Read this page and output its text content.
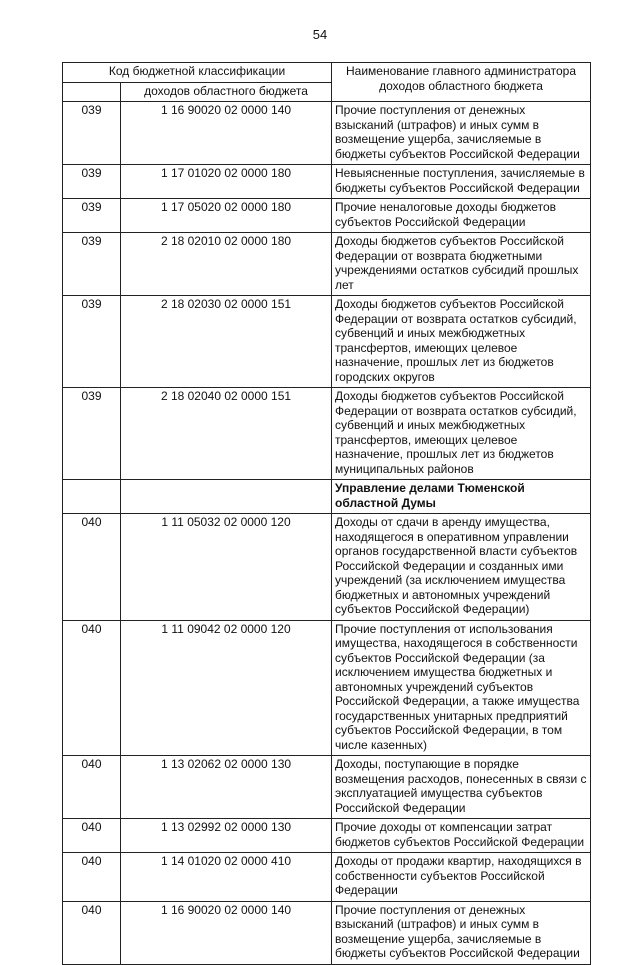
54
Код бюджетной классификации		Наименование главного администратора доходов областного бюджета
	доходов областного бюджета	
039	1 16 90020 02 0000 140	Прочие поступления от денежных взысканий (штрафов) и иных сумм в возмещение ущерба, зачисляемые в бюджеты субъектов Российской Федерации
039	1 17 01020 02 0000 180	Невыясненные поступления, зачисляемые в бюджеты субъектов Российской Федерации
039	1 17 05020 02 0000 180	Прочие неналоговые доходы бюджетов субъектов Российской Федерации
039	2 18 02010 02 0000 180	Доходы бюджетов субъектов Российской Федерации от возврата бюджетными учреждениями остатков субсидий прошлых лет
039	2 18 02030 02 0000 151	Доходы бюджетов субъектов Российской Федерации от возврата остатков субсидий, субвенций и иных межбюджетных трансфертов, имеющих целевое назначение, прошлых лет из бюджетов городских округов
039	2 18 02040 02 0000 151	Доходы бюджетов субъектов Российской Федерации от возврата остатков субсидий, субвенций и иных межбюджетных трансфертов, имеющих целевое назначение, прошлых лет из бюджетов муниципальных районов
		Управление делами Тюменской областной Думы
040	1 11 05032 02 0000 120	Доходы от сдачи в аренду имущества, находящегося в оперативном управлении органов государственной власти субъектов Российской Федерации и созданных ими учреждений (за исключением имущества бюджетных и автономных учреждений субъектов Российской Федерации)
040	1 11 09042 02 0000 120	Прочие поступления от использования имущества, находящегося в собственности субъектов Российской Федерации (за исключением имущества бюджетных и автономных учреждений субъектов Российской Федерации, а также имущества государственных унитарных предприятий субъектов Российской Федерации, в том числе казенных)
040	1 13 02062 02 0000 130	Доходы, поступающие в порядке возмещения расходов, понесенных в связи с эксплуатацией имущества субъектов Российской Федерации
040	1 13 02992 02 0000 130	Прочие доходы от компенсации затрат бюджетов субъектов Российской Федерации
040	1 14 01020 02 0000 410	Доходы от продажи квартир, находящихся в собственности субъектов Российской Федерации
040	1 16 90020 02 0000 140	Прочие поступления от денежных взысканий (штрафов) и иных сумм в возмещение ущерба, зачисляемые в бюджеты субъектов Российской Федерации
